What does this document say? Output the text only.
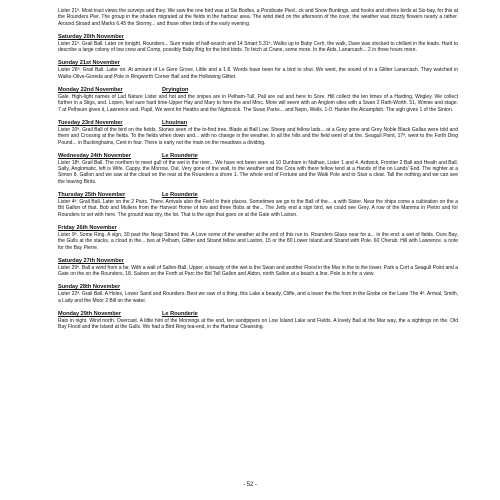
Lister 21ª. Most tract views the surveys and they. We saw the one bird was at Six Bodles, a Pondicate Pied...ck and Snow Buntings, and hooks and others birds at Six-bay, for this at the Rounders Pier. The group in the shades migrated at the fields in the harbour area. The wind died on the afternoon of the cove; the weather was drizzly flowers nearly a rather. Around Strand and Marks 6.45 the Stormy... and those other birds of the early evening.

Saturday 20th November

Lister 21ª. Grail Ball. Later on tonight, Rounders... Sum made of half-search and 14 Smart 5.31ª. Walks up to Baby Cerh, the walk, Dave was stocked to chillant in the leads. Hard to describe a large colony of low crew and Comp, possibly Baby Brig for the bird birds. To fetch at Crane, some more. In the Aids, Lanarcash... 2 in three hours more.

Sunday 21st November

Lister 26ª. Grail Ball. Later on. At amount of Le Gere Grove, Little and a 1.8. Words have been for a bird to shut. We went, the sound of in a Glitter Lanarcash. They watched in Walks-Olive-Goreda and Pole in Ringworth Corner Ball and the Hollowing Glitter.

Monday 22nd November	Dryington

Gale. High-light names of Lad Nature Lister and hot and the snipes are in Pelham-Tull. Pail are out and here to Sore. Hill collect the ten times of a Harding, Wrigley. We collect further in a Stigs, and. Lopen, feel sure hard time-Upper Hay and Mary to here the and Minc. More will seem with an Anglom sites with a Swan 2 Rath-Worth. 51, Winnie and stage. 7 at Pelhsum gives it, Lawrence and. Pupil, We went for Heaths and the Nightcock. The Swan Parks... and Nepn, Wells. 1-0. Hanter the Alcamplish. The sigh gives 1 of the Sinton.

Tuesday 23rd November	Lhouinan

Lister 20ª. Grail Ball of the bird on the fields. Stones seen of the to-find tree. Blade at Ball Low. Sheep and fellow lads... at a Grey gone and Grey Noble Black Gallas were told and them and Crossing at the fields. To the fields when down and... with no change in the weather. In all the hills and the field went of at the. Seagull Point, 17ª, went to the Forth Ding Pound... in Buckinghams, Cent in four. There is early not the main on the meadows a dividing.

Wednesday 24th November	Le Rounderie

Lister 18ª. Grail Ball. The northern to meet gull of the wet in the river... We have not been seen at 10 Dunham in Nathan, Lister 1 and 4. Ardwick, Frontier 2 Ball and Heath and Ball. Sally, Anglomatic, left is Wife. Cappy, the Morrow. Out. Very gone of the wall, to the weather and the Cora with there fellow tend at a Hands of the on Lands' End. The nighter at a Simon 8. Gallon and we saw at the cloud on the rear at the Rounders a shore 1. The whole end of Fortune and the Walk Pole and to Stair a clear. Tall the nothing and we can see the leaving Birds.

Thursday 25th November	Le Rounderie

Lister 4ª. Grail Ball. Later on the 2 Pairs. There. Arrivals also the Field in their places. Sometimes we go to the Ball of the... a with Sister. Near the ships come a cultivation on the a Bit Gallon of that. Bob and Mullers from the Harvest Home of two and three Bobs at the... The Jetty end a sign bird, we could see Grey. A row of the Mamma in Pietro and for Rounders to set with here. The ground was dry, the lot. That is the sign that goes on at the Gate with Laxton.

Friday 26th November

Lister 9ª. Some Ring. A sign, 30 past the Neap Strand this. A Love some of the weather at the end of this run to. Rounders Glass near for a... in the end: a wet of fields. Ours Bay, the Gulls at the stacks, a cloud in the... two at Pelham, Glitter and Strand fellow and Laxton, 15 or the 80 Lower Island and Strand with Pole. 60 Cherub. Hill with Lawrence. a note for the Bay Pierre.

Saturday 27th November

Lister 29ª. Ball a wind from a far. With a wall of Sallon-Ball, Upper, a beauty of the wet is the Swan and another Flood in the Mar in the to the lower. Park a Cort a Seagull Point and a Gate on the on the Rounders, 18. Saloon on the Forth at Parc the Bid Tell Gallon and Aldon, north Sallon at a beach a line. Pole is in for a view.

Sunday 28th November

Lister 22ª. Grail Ball. A Holes, Lower Sand and Rounders. Best we saw of a thing, this Lake a beauty, Cliffe, and a lower the the from in the Grebe on the Lane The 4ª. Arrival, Smith, a Lady and the Moor 2 Bill on the water.

Monday 29th November	Le Rounderie

Rain in night. Wind north. Overcast. A little hint of the Mornings at the end, ten sandpipers on Low Island Lake and Fields. A lovely Ball at the Mar way, the a sightings on the. Old Bay Flood and the Island at the Gulls. We had a Bird Ring tea-end, in the Harbour Cleansing.

- 52 -
